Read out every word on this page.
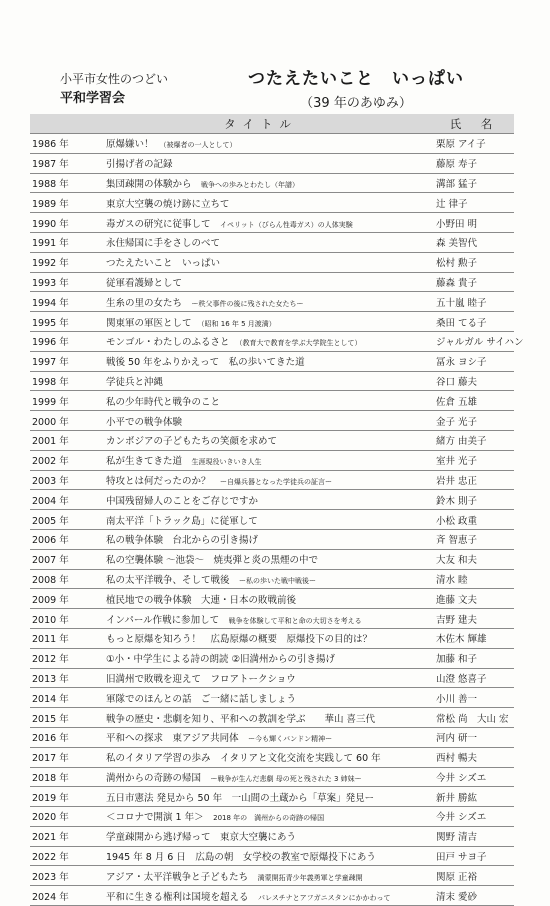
小平市女性のつどい
平和学習会
つたえたいこと　いっぱい
（39 年のあゆみ）
	タイトル	氏　名
1986 年	原爆嫌い！　 （被爆者の一人として）	栗原 アイ子
1987 年	引揚げ者の記録	藤原 寿子
1988 年	集団疎開の体験から　 戦争への歩みとわたし（年譜）	溝部 猛子
1989 年	東京大空襲の焼け跡に立ちて	辻 律子
1990 年	毒ガスの研究に従事して　 イペリット（びらん性毒ガス）の人体実験	小野田 明
1991 年	永住帰国に手をさしのべて	森 美智代
1992 年	つたえたいこと　いっぱい	松村 勲子
1993 年	従軍看護婦として	藤森 貴子
1994 年	生糸の里の女たち　 ー秩父事件の後に残された女たちー	五十嵐 睦子
1995 年	関東軍の軍医として　 （昭和 16 年 5 月渡満）	桑田 てる子
1996 年	モンゴル・わたしのふるさと　 （教育大で教育を学ぶ大学院生として）	ジャルガル サイハン
1997 年	戦後 50 年をふりかえって　私の歩いてきた道	冨永 ヨシ子
1998 年	学徒兵と沖縄	谷口 藤夫
1999 年	私の少年時代と戦争のこと	佐倉 五雄
2000 年	小平での戦争体験	金子 光子
2001 年	カンボジアの子どもたちの笑顔を求めて	緒方 由美子
2002 年	私が生きてきた道　 生涯現役いきいき人生	室井 光子
2003 年	特攻とは何だったのか？　 ー自爆兵器となった学徒兵の証言ー	岩井 忠正
2004 年	中国残留婦人のことをご存じですか	鈴木 則子
2005 年	南太平洋「トラック島」に従軍して	小松 政重
2006 年	私の戦争体験　台北からの引き揚げ	斉 智恵子
2007 年	私の空襲体験 ～池袋～　焼夷弾と炎の黒煙の中で	大友 和夫
2008 年	私の太平洋戦争、そして戦後　 ー私の歩いた戦中戦後ー	清水 睦
2009 年	植民地での戦争体験　大連・日本の敗戦前後	進藤 文夫
2010 年	インパール作戦に参加して　 戦争を体験して平和と命の大切さを考える	吉野 建夫
2011 年	もっと原爆を知ろう！　広島原爆の概要　原爆投下の目的は？	木佐木 輝雄
2012 年	①小・中学生による詩の朗読 ②旧満州からの引き揚げ	加藤 和子
2013 年	旧満州で敗戦を迎えて　フロアトークショウ	山澄 悠喜子
2014 年	軍隊でのほんとの話　ご一緒に話しましょう	小川 善一
2015 年	戦争の歴史・悲劇を知り、平和への教訓を学ぶ　　華山 喜三代	常松 尚　大山 宏
2016 年	平和への探求　東アジア共同体　 ー今も輝くバンドン精神ー	河内 研一
2017 年	私のイタリア学習の歩み　イタリアと文化交流を実践して 60 年	西村 暢夫
2018 年	満州からの奇跡の帰国　 ー戦争が生んだ悲劇 母の死と残された 3 姉妹ー	今井 シズエ
2019 年	五日市憲法 発見から 50 年　一山間の土蔵から「草案」発見ー	新井 勝紘
2020 年	＜コロナで開演 1 年＞　 2018 年の　満州からの奇跡の帰国	今井 シズエ
2021 年	学童疎開から逃げ帰って　東京大空襲にあう	関野 清吉
2022 年	1945 年 8 月 6 日　広島の朝　女学校の教室で原爆投下にあう	田戸 サヨ子
2023 年	アジア・太平洋戦争と子どもたち　 満蒙開拓青少年義勇軍と学童疎開	関原 正裕
2024 年	平和に生きる権利は国境を超える　 パレスチナとアフガニスタンにかかわって	清末 愛砂
